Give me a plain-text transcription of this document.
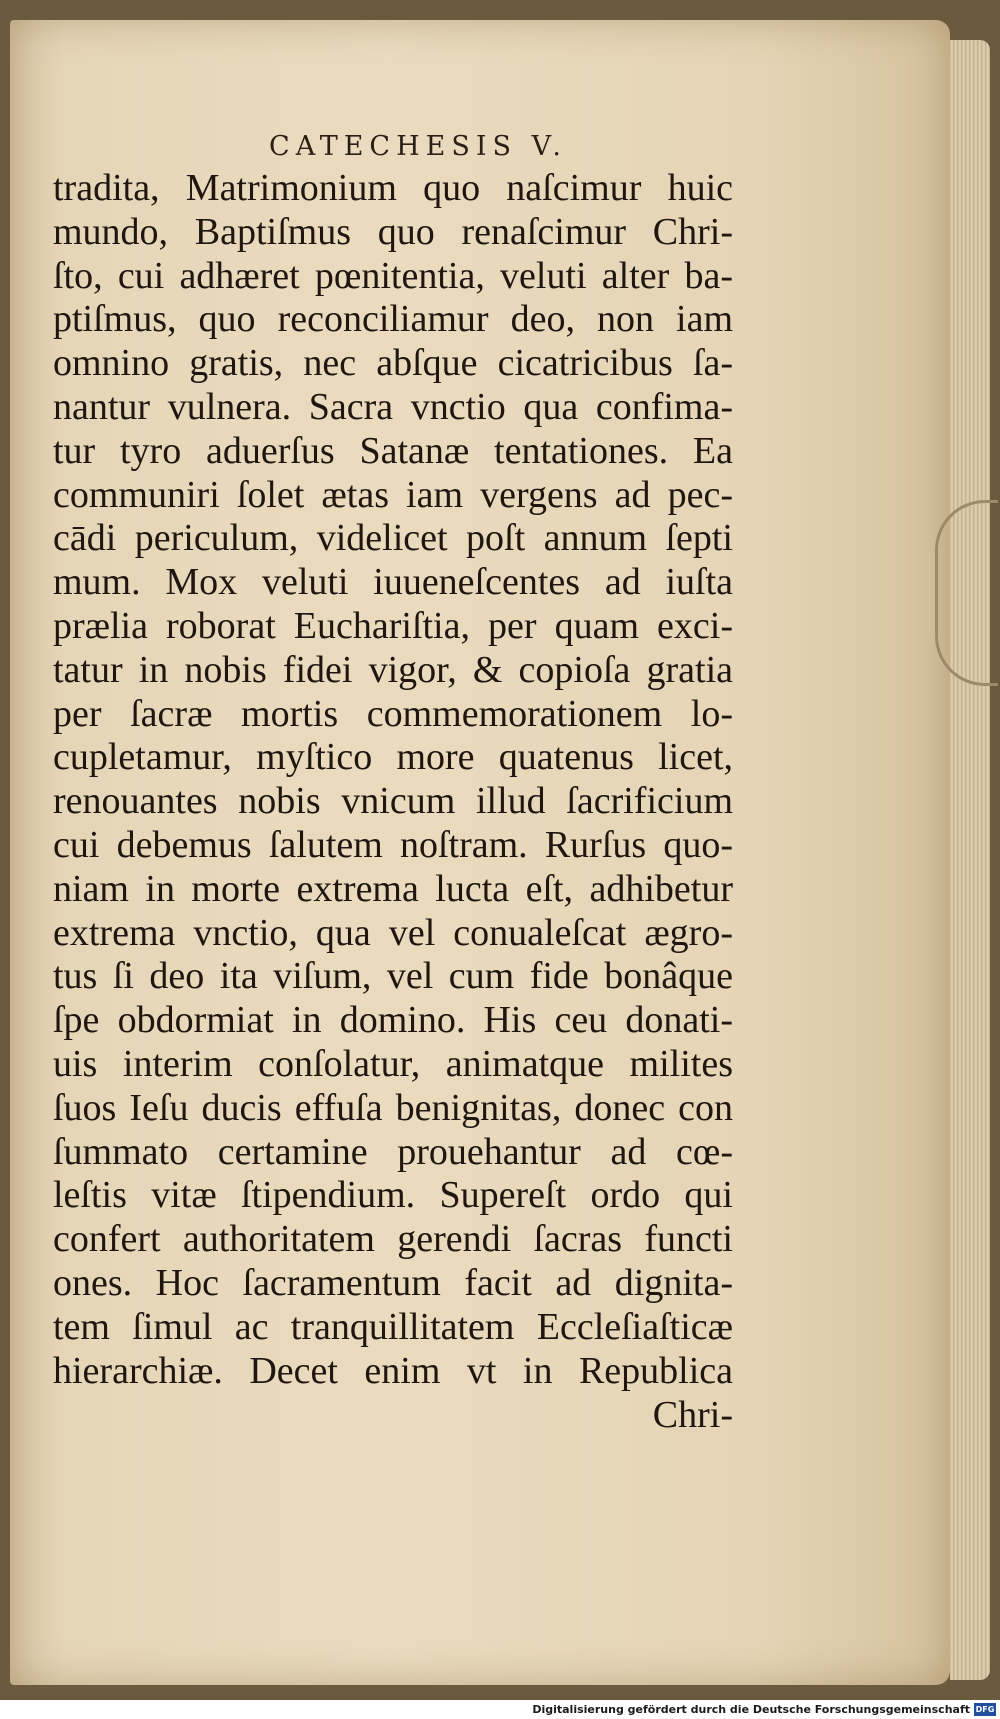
CATECHESIS V.
tradita, Matrimonium quo naſcimur huic
mundo, Baptiſmus quo renaſcimur Chri-
ſto, cui adhæret pœnitentia, veluti alter ba-
ptiſmus, quo reconciliamur deo, non iam
omnino gratis, nec abſque cicatricibus ſa-
nantur vulnera. Sacra vnctio qua confima-
tur tyro aduerſus Satanæ tentationes. Ea
communiri ſolet ætas iam vergens ad pec-
cādi periculum, videlicet poſt annum ſepti
mum. Mox veluti iuueneſcentes ad iuſta
prælia roborat Euchariſtia, per quam exci-
tatur in nobis fidei vigor, & copioſa gratia
per ſacræ mortis commemorationem lo-
cupletamur, myſtico more quatenus licet,
renouantes nobis vnicum illud ſacrificium
cui debemus ſalutem noſtram. Rurſus quo-
niam in morte extrema lucta eſt, adhibetur
extrema vnctio, qua vel conualeſcat ægro-
tus ſi deo ita viſum, vel cum fide bonâque
ſpe obdormiat in domino. His ceu donati-
uis interim conſolatur, animatque milites
ſuos Ieſu ducis effuſa benignitas, donec con
ſummato certamine prouehantur ad cœ-
leſtis vitæ ſtipendium. Supereſt ordo qui
confert authoritatem gerendi ſacras functi
ones. Hoc ſacramentum facit ad dignita-
tem ſimul ac tranquillitatem Eccleſiaſticæ
hierarchiæ. Decet enim vt in Republica
Chri-
Digitalisierung gefördert durch die Deutsche Forschungsgemeinschaft DFG
